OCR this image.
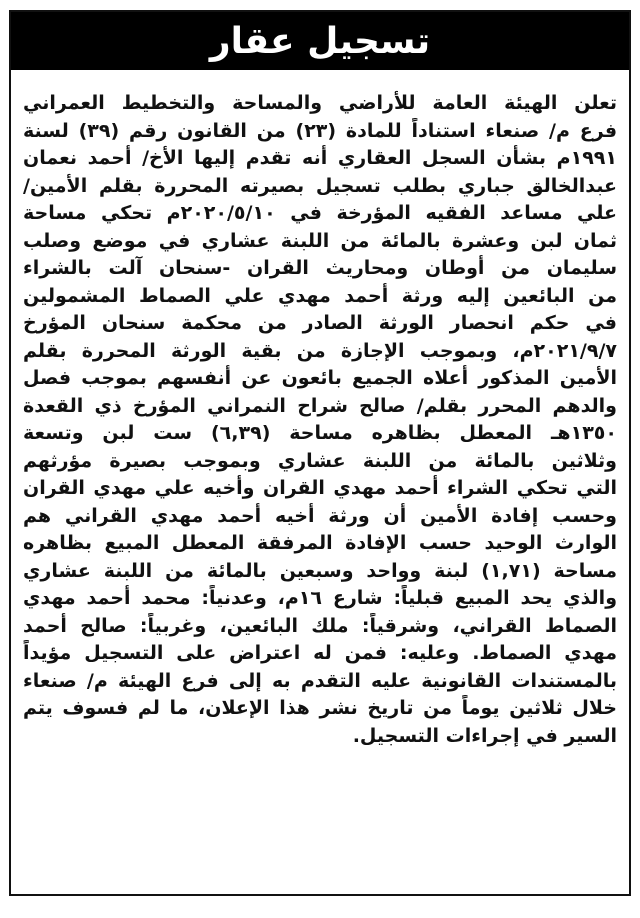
تسجيل عقار
تعلن الهيئة العامة للأراضي والمساحة والتخطيط العمراني
فرع م/ صنعاء استناداً للمادة (٢٣) من القانون رقم (٣٩) لسنة
١٩٩١م بشأن السجل العقاري أنه تقدم إليها الأخ/ أحمد نعمان
عبدالخالق جباري بطلب تسجيل بصيرته المحررة بقلم الأمين/
علي مساعد الفقيه المؤرخة في ٢٠٢٠/٥/١٠م تحكي مساحة
ثمان لبن وعشرة بالمائة من اللبنة عشاري في موضع وصلب
سليمان من أوطان ومحاريث القران -سنحان آلت بالشراء
من البائعين إليه ورثة أحمد مهدي علي الصماط المشمولين
في حكم انحصار الورثة الصادر من محكمة سنحان المؤرخ
٢٠٢١/٩/٧م، وبموجب الإجازة من بقية الورثة المحررة بقلم
الأمين المذكور أعلاه الجميع بائعون عن أنفسهم بموجب فصل
والدهم المحرر بقلم/ صالح شراح النمراني المؤرخ ذي القعدة
١٣٥٠هـ المعطل بظاهره مساحة (٦,٣٩) ست لبن وتسعة
وثلاثين بالمائة من اللبنة عشاري وبموجب بصيرة مؤرثهم
التي تحكي الشراء أحمد مهدي القران وأخيه علي مهدي القران
وحسب إفادة الأمين أن ورثة أخيه أحمد مهدي القراني هم
الوارث الوحيد حسب الإفادة المرفقة المعطل المبيع بظاهره
مساحة (١,٧١) لبنة وواحد وسبعين بالمائة من اللبنة عشاري
والذي يحد المبيع قبلياً: شارع ١٦م، وعدنياً: محمد أحمد مهدي
الصماط القراني، وشرقياً: ملك البائعين، وغربياً: صالح أحمد
مهدي الصماط. وعليه: فمن له اعتراض على التسجيل مؤيداً
بالمستندات القانونية عليه التقدم به إلى فرع الهيئة م/ صنعاء
خلال ثلاثين يوماً من تاريخ نشر هذا الإعلان، ما لم فسوف يتم
السير في إجراءات التسجيل.
